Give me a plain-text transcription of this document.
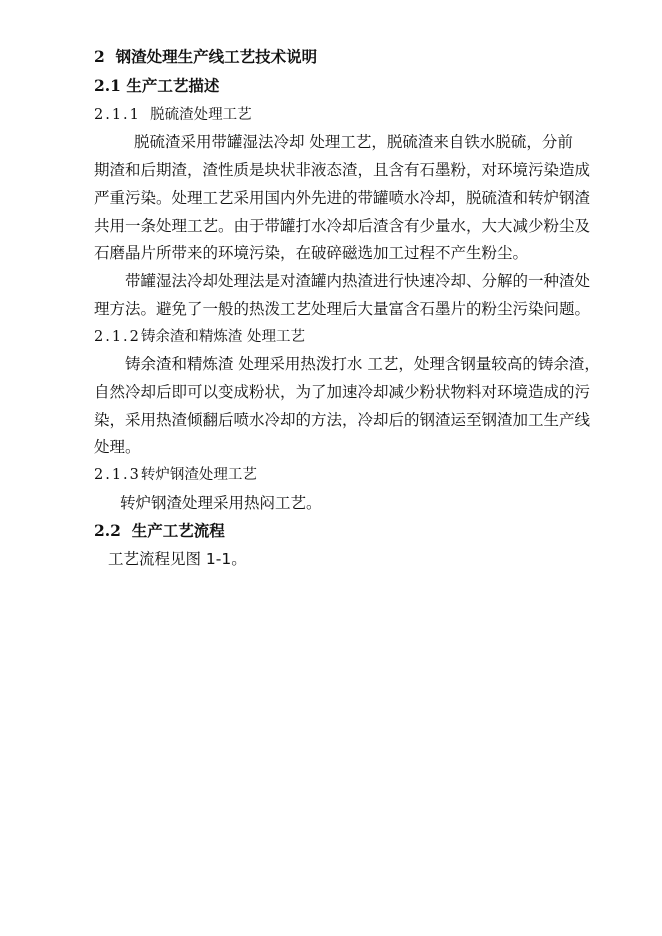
2 钢渣处理生产线工艺技术说明
2.1 生产工艺描述
2.1.1 脱硫渣处理工艺
脱硫渣采用带罐湿法冷却 处理工艺，脱硫渣来自铁水脱硫，分前
期渣和后期渣，渣性质是块状非液态渣，且含有石墨粉，对环境污染造成
严重污染。处理工艺采用国内外先进的带罐喷水冷却，脱硫渣和转炉钢渣
共用一条处理工艺。由于带罐打水冷却后渣含有少量水，大大减少粉尘及
石磨晶片所带来的环境污染，在破碎磁选加工过程不产生粉尘。
带罐湿法冷却处理法是对渣罐内热渣进行快速冷却、分解的一种渣处
理方法。避免了一般的热泼工艺处理后大量富含石墨片的粉尘污染问题。
2.1.2铸余渣和精炼渣 处理工艺
铸余渣和精炼渣 处理采用热泼打水 工艺，处理含钢量较高的铸余渣，
自然冷却后即可以变成粉状，为了加速冷却减少粉状物料对环境造成的污
染，采用热渣倾翻后喷水冷却的方法，冷却后的钢渣运至钢渣加工生产线
处理。
2.1.3转炉钢渣处理工艺
转炉钢渣处理采用热闷工艺。
2.2 生产工艺流程
工艺流程见图 1-1。
